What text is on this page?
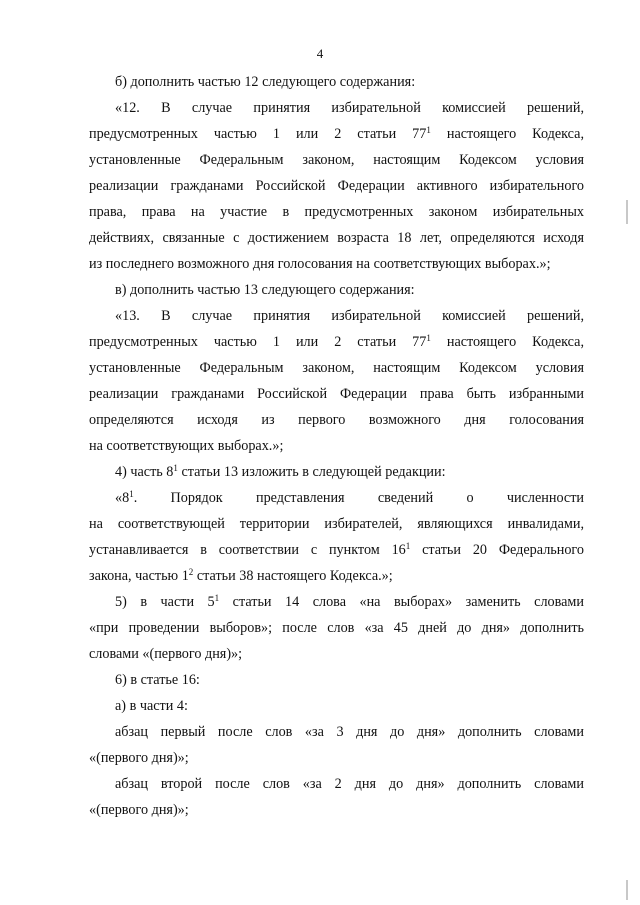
4
б) дополнить частью 12 следующего содержания:
«12. В случае принятия избирательной комиссией решений,
предусмотренных частью 1 или 2 статьи $77^1$ настоящего Кодекса,
установленные Федеральным законом, настоящим Кодексом условия
реализации гражданами Российской Федерации активного избирательного
права, права на участие в предусмотренных законом избирательных
действиях, связанные с достижением возраста 18 лет, определяются исходя
из последнего возможного дня голосования на соответствующих выборах.»;
в) дополнить частью 13 следующего содержания:
«13. В случае принятия избирательной комиссией решений,
предусмотренных частью 1 или 2 статьи $77^1$ настоящего Кодекса,
установленные Федеральным законом, настоящим Кодексом условия
реализации гражданами Российской Федерации права быть избранными
определяются исходя из первого возможного дня голосования
на соответствующих выборах.»;
4) часть $8^1$ статьи 13 изложить в следующей редакции:
«$8^1$. Порядок представления сведений о численности
на соответствующей территории избирателей, являющихся инвалидами,
устанавливается в соответствии с пунктом $16^1$ статьи 20 Федерального
закона, частью $1^2$ статьи 38 настоящего Кодекса.»;
5) в части $5^1$ статьи 14 слова «на выборах» заменить словами
«при проведении выборов»; после слов «за 45 дней до дня» дополнить
словами «(первого дня)»;
6) в статье 16:
а) в части 4:
абзац первый после слов «за 3 дня до дня» дополнить словами
«(первого дня)»;
абзац второй после слов «за 2 дня до дня» дополнить словами
«(первого дня)»;
